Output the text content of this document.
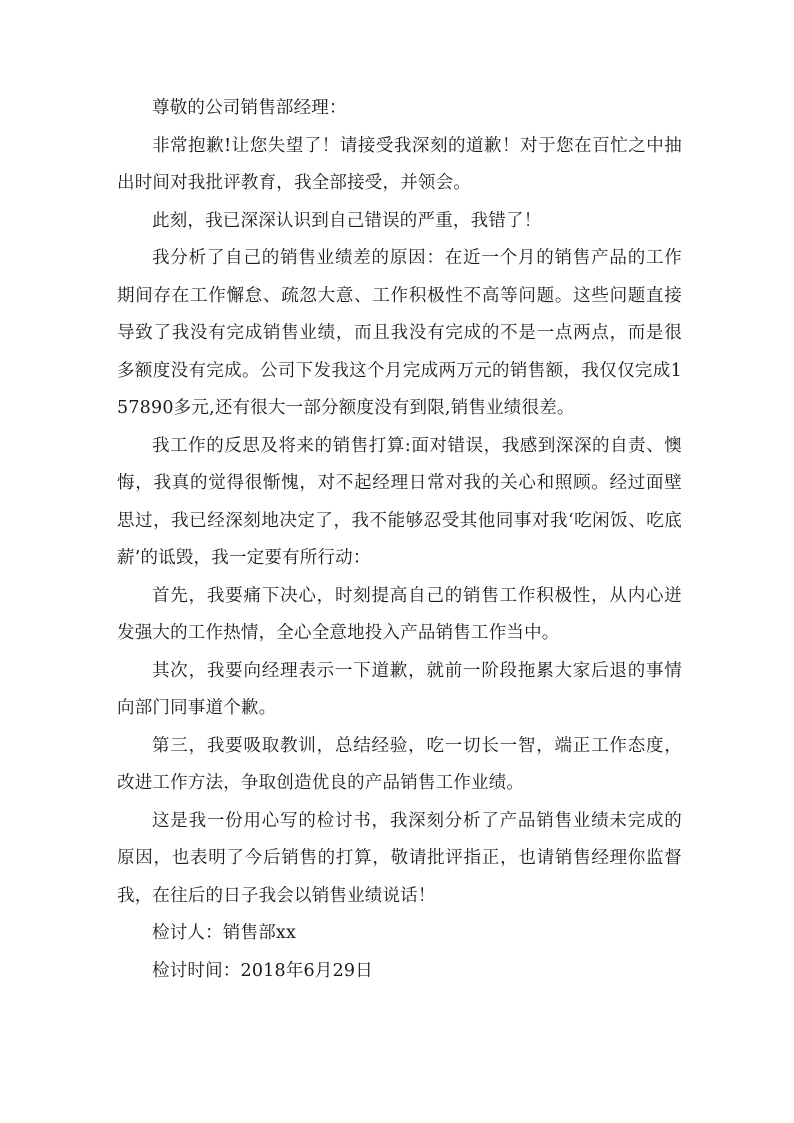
尊敬的公司销售部经理：

非常抱歉!让您失望了！请接受我深刻的道歉！对于您在百忙之中抽出时间对我批评教育，我全部接受，并领会。

此刻，我已深深认识到自己错误的严重，我错了！

我分析了自己的销售业绩差的原因：在近一个月的销售产品的工作期间存在工作懈怠、疏忽大意、工作积极性不高等问题。这些问题直接导致了我没有完成销售业绩，而且我没有完成的不是一点两点，而是很多额度没有完成。公司下发我这个月完成两万元的销售额，我仅仅完成157890多元,还有很大一部分额度没有到限,销售业绩很差。

我工作的反思及将来的销售打算:面对错误，我感到深深的自责、懊悔，我真的觉得很惭愧，对不起经理日常对我的关心和照顾。经过面壁思过，我已经深刻地决定了，我不能够忍受其他同事对我‘吃闲饭、吃底薪’的诋毁，我一定要有所行动：

首先，我要痛下决心，时刻提高自己的销售工作积极性，从内心迸发强大的工作热情，全心全意地投入产品销售工作当中。

其次，我要向经理表示一下道歉，就前一阶段拖累大家后退的事情向部门同事道个歉。

第三，我要吸取教训，总结经验，吃一切长一智，端正工作态度，改进工作方法，争取创造优良的产品销售工作业绩。

这是我一份用心写的检讨书，我深刻分析了产品销售业绩未完成的原因，也表明了今后销售的打算，敬请批评指正，也请销售经理你监督我，在往后的日子我会以销售业绩说话！

检讨人：销售部xx

检讨时间：2018年6月29日
